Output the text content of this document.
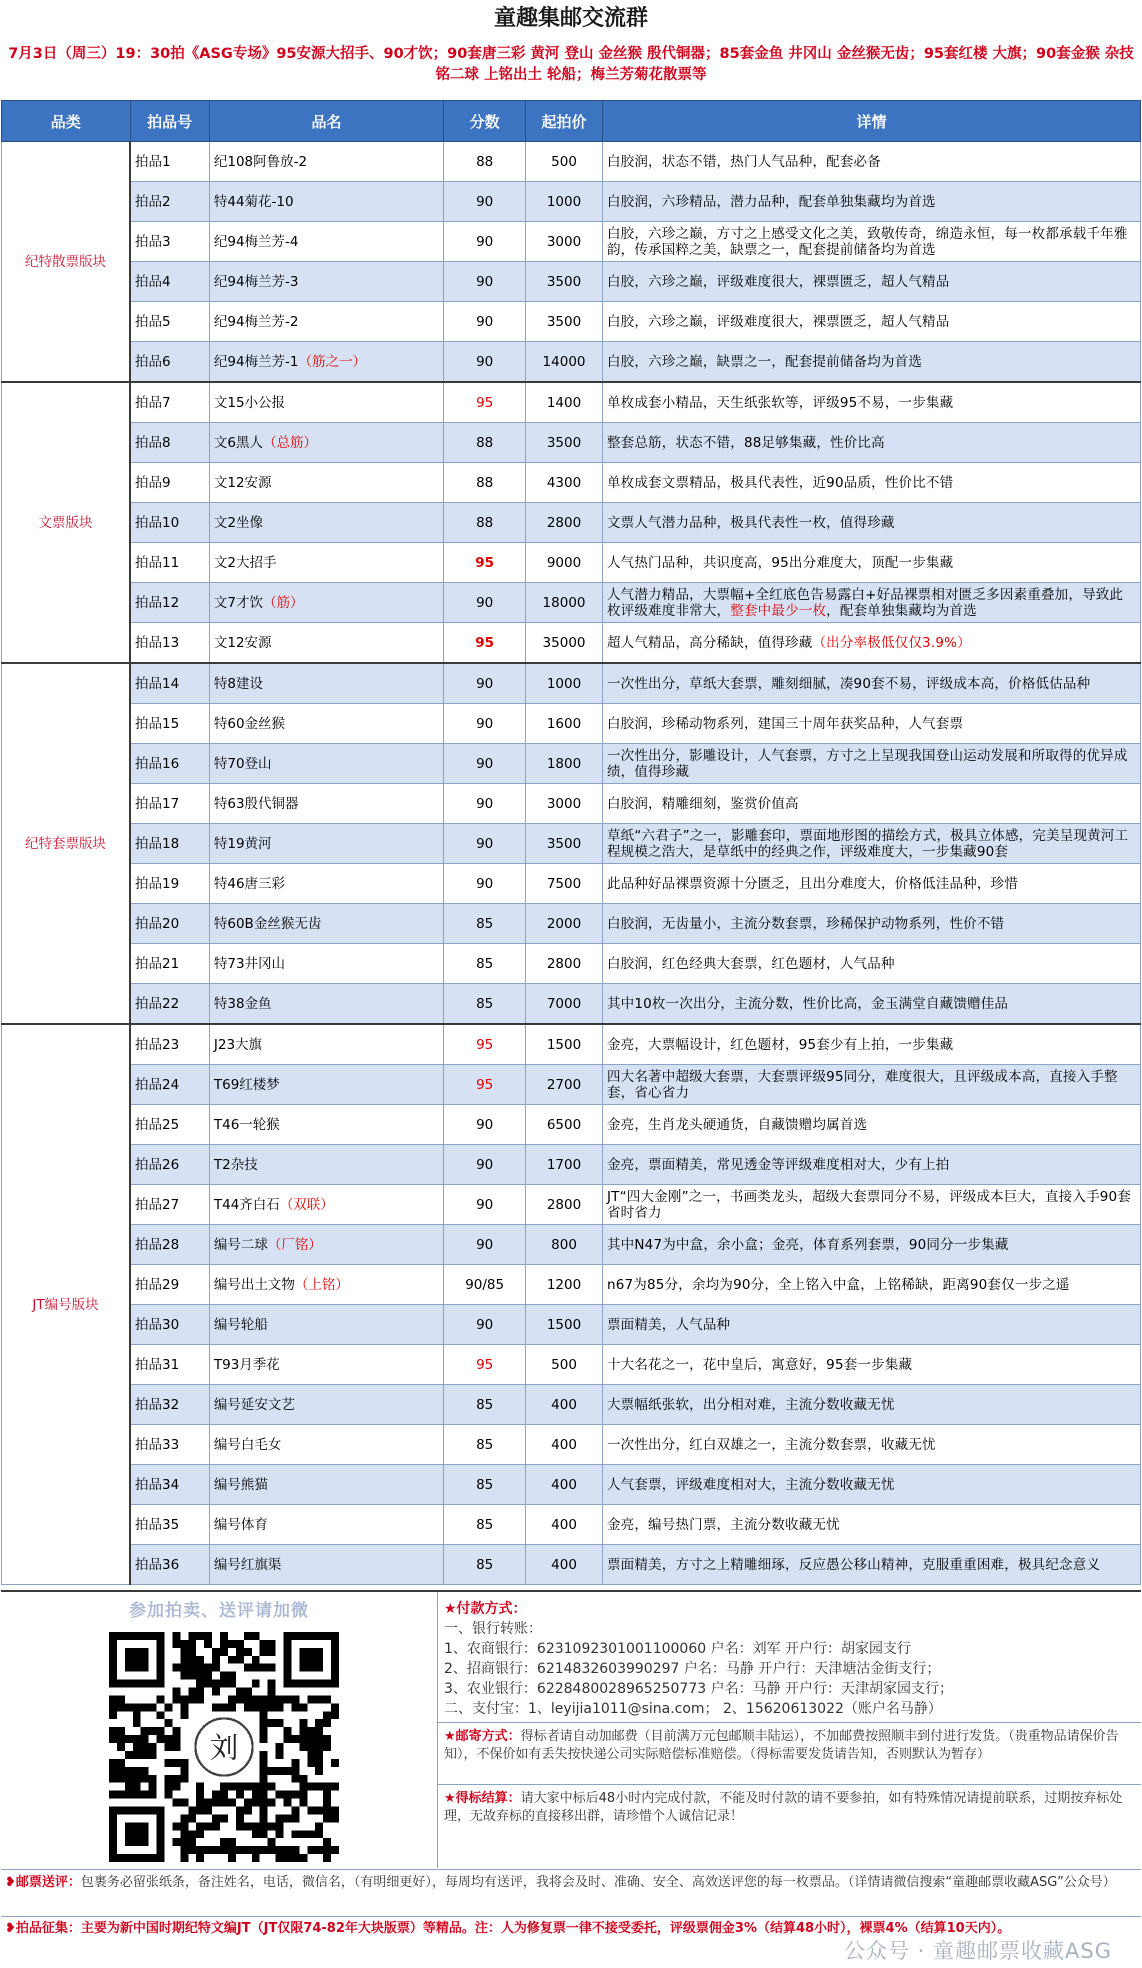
童趣集邮交流群
7月3日（周三）19：30拍《ASG专场》95安源大招手、90才饮；90套唐三彩 黄河 登山 金丝猴 殷代铜器；85套金鱼 井冈山 金丝猴无齿；95套红楼 大旗；90套金猴 杂技 铭二球 上铭出土 轮船；梅兰芳菊花散票等
品类	拍品号	品名	分数	起拍价	详情
纪特散票版块	拍品1	纪108阿鲁放-2	88	500	白胶润，状态不错，热门人气品种，配套必备
	拍品2	特44菊花-10	90	1000	白胶润，六珍精品，潜力品种，配套单独集藏均为首选
	拍品3	纪94梅兰芳-4	90	3000	白胶，六珍之巅，方寸之上感受文化之美，致敬传奇，绵造永恒，每一枚都承载千年雅韵，传承国粹之美，缺票之一，配套提前储备均为首选
	拍品4	纪94梅兰芳-3	90	3500	白胶，六珍之巅，评级难度很大，裸票匮乏，超人气精品
	拍品5	纪94梅兰芳-2	90	3500	白胶，六珍之巅，评级难度很大，裸票匮乏，超人气精品
	拍品6	纪94梅兰芳-1（筋之一）	90	14000	白胶，六珍之巅，缺票之一，配套提前储备均为首选
文票版块	拍品7	文15小公报	95	1400	单枚成套小精品，天生纸张软等，评级95不易，一步集藏
	拍品8	文6黑人（总筋）	88	3500	整套总筋，状态不错，88足够集藏，性价比高
	拍品9	文12安源	88	4300	单枚成套文票精品，极具代表性，近90品质，性价比不错
	拍品10	文2坐像	88	2800	文票人气潜力品种，极具代表性一枚，值得珍藏
	拍品11	文2大招手	95	9000	人气热门品种，共识度高，95出分难度大，顶配一步集藏
	拍品12	文7才饮（筋）	90	18000	人气潜力精品，大票幅+全红底色告易露白+好品裸票相对匮乏多因素重叠加，导致此枚评级难度非常大，整套中最少一枚，配套单独集藏均为首选
	拍品13	文12安源	95	35000	超人气精品，高分稀缺，值得珍藏（出分率极低仅仅3.9%）
纪特套票版块	拍品14	特8建设	90	1000	一次性出分，草纸大套票，雕刻细腻，凑90套不易，评级成本高，价格低估品种
	拍品15	特60金丝猴	90	1600	白胶润，珍稀动物系列，建国三十周年获奖品种，人气套票
	拍品16	特70登山	90	1800	一次性出分，影雕设计，人气套票，方寸之上呈现我国登山运动发展和所取得的优异成绩，值得珍藏
	拍品17	特63殷代铜器	90	3000	白胶润，精雕细刻，鉴赏价值高
	拍品18	特19黄河	90	3500	草纸“六君子”之一，影雕套印，票面地形图的描绘方式，极具立体感，完美呈现黄河工程规模之浩大，是草纸中的经典之作，评级难度大，一步集藏90套
	拍品19	特46唐三彩	90	7500	此品种好品裸票资源十分匮乏，且出分难度大，价格低洼品种，珍惜
	拍品20	特60B金丝猴无齿	85	2000	白胶润，无齿量小，主流分数套票，珍稀保护动物系列，性价不错
	拍品21	特73井冈山	85	2800	白胶润，红色经典大套票，红色题材，人气品种
	拍品22	特38金鱼	85	7000	其中10枚一次出分，主流分数，性价比高，金玉满堂自藏馈赠佳品
JT编号版块	拍品23	J23大旗	95	1500	金亮，大票幅设计，红色题材，95套少有上拍，一步集藏
	拍品24	T69红楼梦	95	2700	四大名著中超级大套票，大套票评级95同分，难度很大，且评级成本高，直接入手整套，省心省力
	拍品25	T46一轮猴	90	6500	金亮，生肖龙头硬通货，自藏馈赠均属首选
	拍品26	T2杂技	90	1700	金亮，票面精美，常见透金等评级难度相对大，少有上拍
	拍品27	T44齐白石（双联）	90	2800	JT“四大金刚”之一，书画类龙头，超级大套票同分不易，评级成本巨大，直接入手90套省时省力
	拍品28	编号二球（厂铭）	90	800	其中N47为中盒，余小盒；金亮，体育系列套票，90同分一步集藏
	拍品29	编号出土文物（上铭）	90/85	1200	n67为85分，余均为90分，全上铭入中盒，上铭稀缺，距离90套仅一步之遥
	拍品30	编号轮船	90	1500	票面精美，人气品种
	拍品31	T93月季花	95	500	十大名花之一，花中皇后，寓意好，95套一步集藏
	拍品32	编号延安文艺	85	400	大票幅纸张软，出分相对难，主流分数收藏无忧
	拍品33	编号白毛女	85	400	一次性出分，红白双雄之一，主流分数套票，收藏无忧
	拍品34	编号熊猫	85	400	人气套票，评级难度相对大，主流分数收藏无忧
	拍品35	编号体育	85	400	金亮，编号热门票，主流分数收藏无忧
	拍品36	编号红旗渠	85	400	票面精美，方寸之上精雕细琢，反应愚公移山精神，克服重重困难，极具纪念意义
参加拍卖、送评请加微
刘
★付款方式：
一、银行转账：
1、农商银行：6231092301001100060 户名：刘军 开户行：胡家园支行
2、招商银行：6214832603990297 户名：马静 开户行：天津塘沽金街支行；
3、农业银行：6228480028965250773 户名：马静 开户行：天津胡家园支行；
二、支付宝：1、leyijia1011@sina.com； 2、15620613022（账户名马静）
★邮寄方式：得标者请自动加邮费（目前满万元包邮顺丰陆运），不加邮费按照顺丰到付进行发货。（贵重物品请保价告知），不保价如有丢失按快递公司实际赔偿标准赔偿。（得标需要发货请告知，否则默认为暂存）
★得标结算：请大家中标后48小时内完成付款，不能及时付款的请不要参拍，如有特殊情况请提前联系，过期按弃标处理，无故弃标的直接移出群，请珍惜个人诚信记录！
❥邮票送评：包裹务必留张纸条，备注姓名，电话，微信名，（有明细更好），每周均有送评，我将会及时、准确、安全、高效送评您的每一枚票品。（详情请微信搜索“童趣邮票收藏ASG”公众号）
❥拍品征集：主要为新中国时期纪特文编JT（JT仅限74-82年大块版票）等精品。注：人为修复票一律不接受委托，评级票佣金3%（结算48小时），裸票4%（结算10天内）。
公众号 · 童趣邮票收藏ASG
